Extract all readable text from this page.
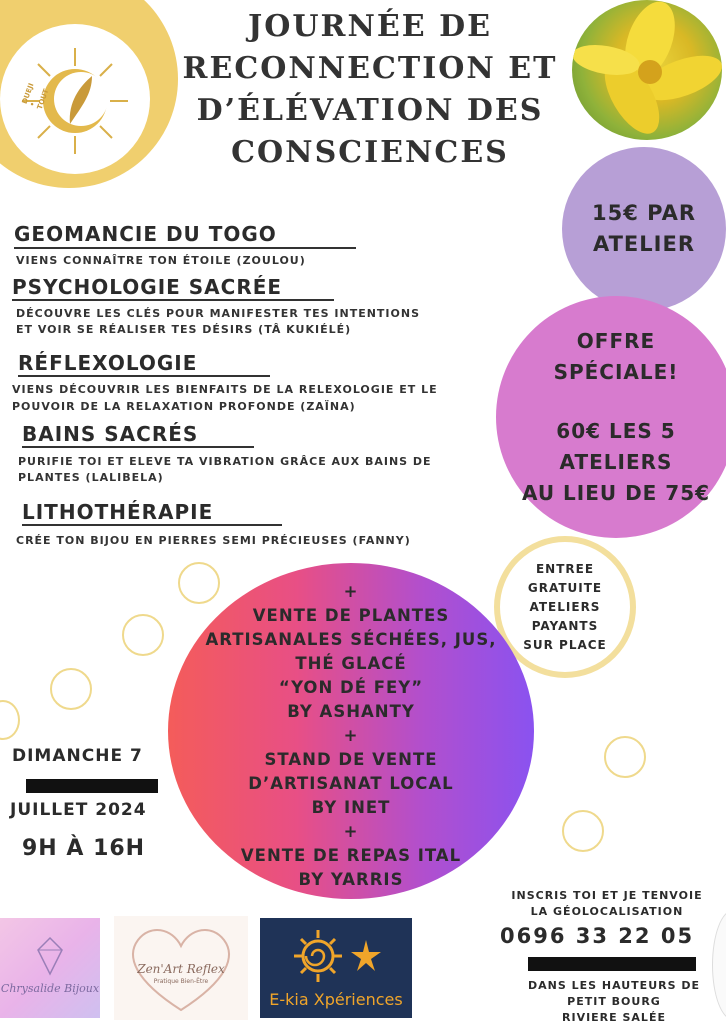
DUEJI • TOUT
JOURNÉE DE
RECONNECTION ET
D’ÉLÉVATION DES
CONSCIENCES
15€ PAR
ATELIER
OFFRE
SPÉCIALE!
60€ LES 5
ATELIERS
AU LIEU DE 75€
ENTREE
GRATUITE
ATELIERS
PAYANTS
SUR PLACE
GEOMANCIE DU TOGO
VIENS CONNAÎTRE TON ÉTOILE (ZOULOU)
PSYCHOLOGIE SACRÉE
DÉCOUVRE LES CLÉS POUR MANIFESTER TES INTENTIONS
ET VOIR SE RÉALISER TES DÉSIRS (TÂ KUKIÉLÉ)
RÉFLEXOLOGIE
VIENS DÉCOUVRIR LES BIENFAITS DE LA RELEXOLOGIE ET LE
POUVOIR DE LA RELAXATION PROFONDE (ZAÏNA)
BAINS SACRÉS
PURIFIE TOI ET ELEVE TA VIBRATION GRÂCE AUX BAINS DE
PLANTES (LALIBELA)
LITHOTHÉRAPIE
CRÉE TON BIJOU EN PIERRES SEMI PRÉCIEUSES (FANNY)
+
VENTE DE PLANTES
ARTISANALES SÉCHÉES, JUS,
THÉ GLACÉ
“YON DÉ FEY”
BY ASHANTY
+
STAND DE VENTE
D’ARTISANAT LOCAL
BY INET
+
VENTE DE REPAS ITAL
BY YARRIS
DIMANCHE 7
JUILLET 2024
9H À 16H
INSCRIS TOI ET JE TENVOIE
LA GÉOLOCALISATION
0696 33 22 05
DANS LES HAUTEURS DE
PETIT BOURG
RIVIERE SALÉE
Chrysalide Bijoux
Zen'Art Reflex
Pratique Bien-Être
E-kia Xpériences
